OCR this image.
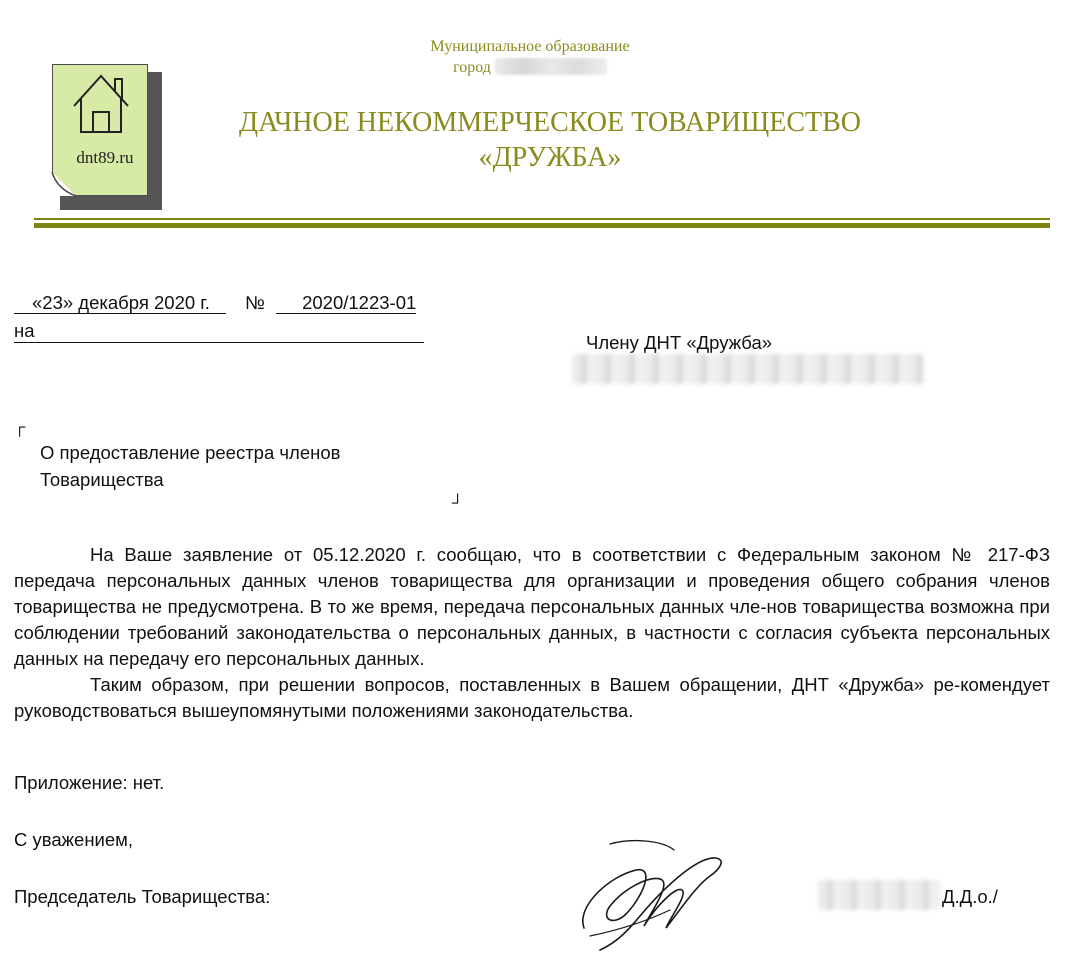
Муниципальное образование
город
dnt89.ru
ДАЧНОЕ НЕКОММЕРЧЕСКОЕ ТОВАРИЩЕСТВО
«ДРУЖБА»
«23» декабря 2020 г. № 2020/1223-01
на
Члену ДНТ «Дружба»
┌
О предоставление реестра членов
Товарищества
┘

На Ваше заявление от 05.12.2020 г. сообщаю, что в соответствии с Федеральным законом № 217-ФЗ передача персональных данных членов товарищества для организации и проведения общего собрания членов товарищества не предусмотрена. В то же время, передача персональных данных чле-нов товарищества возможна при соблюдении требований законодательства о персональных данных, в частности с согласия субъекта персональных данных на передачу его персональных данных.

Таким образом, при решении вопросов, поставленных в Вашем обращении, ДНТ «Дружба» ре-комендует руководствоваться вышеупомянутыми положениями законодательства.

Приложение: нет.
С уважением,
Председатель Товарищества:	Д.Д.о./
